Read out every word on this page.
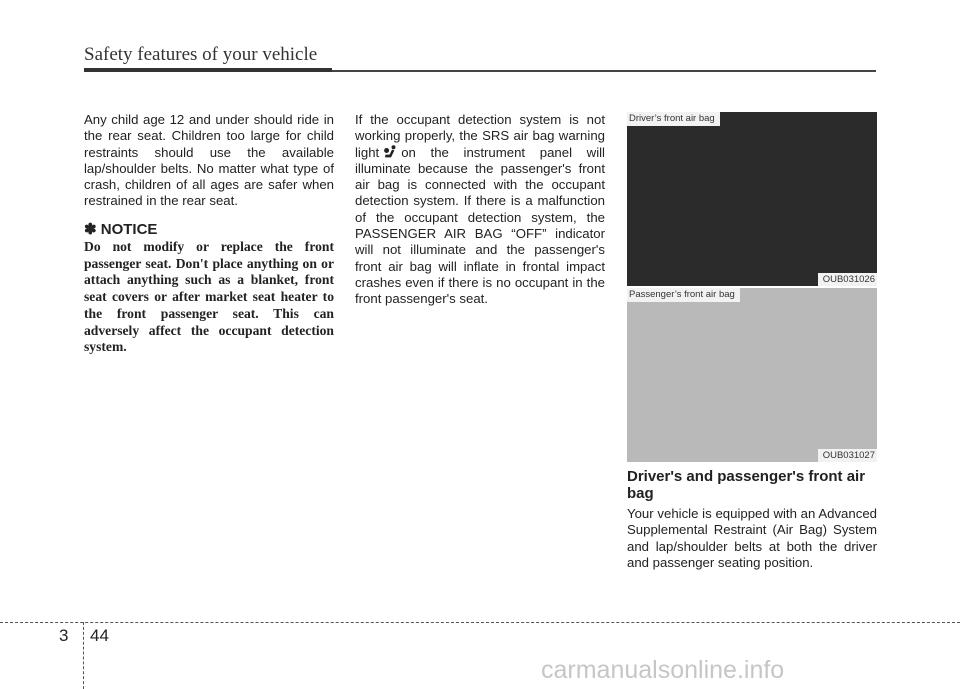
Safety features of your vehicle
Any child age 12 and under should ride in the rear seat. Children too large for child restraints should use the available lap/shoulder belts. No matter what type of crash, children of all ages are safer when restrained in the rear seat.
✽ NOTICE
Do not modify or replace the front passenger seat. Don't place anything on or attach anything such as a blanket, front seat covers or after market seat heater to the front passenger seat. This can adversely affect the occupant detection system.
If the occupant detection system is not working properly, the SRS air bag warning light on the instrument panel will illuminate because the passenger's front air bag is connected with the occupant detection system. If there is a malfunction of the occupant detection system, the PASSENGER AIR BAG “OFF” indicator will not illuminate and the passenger's front air bag will inflate in frontal impact crashes even if there is no occupant in the front passenger's seat.
Driver’s front air bag
OUB031026
Passenger’s front air bag
OUB031027
Driver's and passenger's front air bag
Your vehicle is equipped with an Advanced Supplemental Restraint (Air Bag) System and lap/shoulder belts at both the driver and passenger seating position.
3 44
carmanualsonline.info
